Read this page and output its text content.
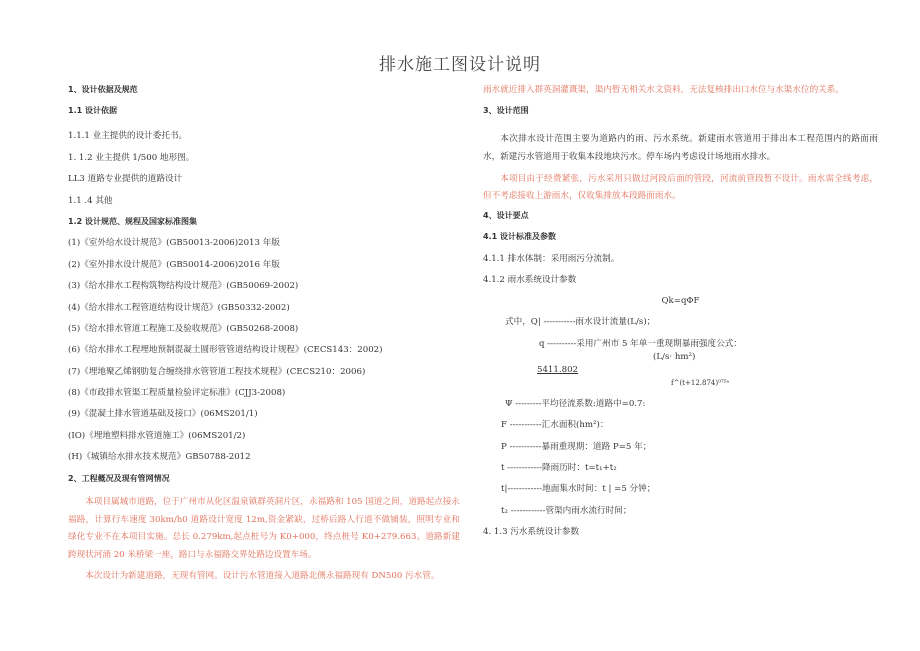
排水施工图设计说明

1、设计依据及规范

1.1 设计依据

1.1.1 业主提供的设计委托书。

1. 1.2 业主提供 1/500 地形图。

LL3 道路专业提供的道路设计

1.1 .4 其他

1.2 设计规范、规程及国家标准图集

(1)《室外给水设计规范》(GB50013-2006)2013 年版

(2)《室外排水设计规范》(GB50014-2006)2016 年版

(3)《给水排水工程构筑物结构设计规范》(GB50069-2002)

(4)《给水排水工程管道结构设计规范》(GB50332-2002)

(5)《给水排水管道工程施工及验收规范》(GB50268-2008)

(6)《给水排水工程埋地预制混凝土圆形管管道结构设计规程》(CECS143：2002)

(7)《埋地聚乙烯钢肋复合缠绕排水管管道工程技术规程》(CECS210：2006)

(8)《市政排水管渠工程质量检验评定标准》(CJJ3-2008)

(9)《混凝土排水管道基础及接口》(06MS201/1)

(IO)《埋地塑料排水管道施工》(06MS201/2)

(H)《城镇给水排水技术规范》GB50788-2012

2、工程概况及现有管网情况

本项目属城市道路，位于广州市从化区温泉镇群英洞片区，永福路和 105 国道之间，道路起点接永福路，计算行车速度 30km/h0 道路设计宽度 12m,资金紧缺，过桥后路人行道不做铺装，照明专业和绿化专业不在本项目实施。总长 0.279km,起点桩号为 K0+000，终点桩号 K0+279.663。道路新建跨现状河涌 20 米桥梁一座，路口与永福路交界处路边设置车场。

本次设计为新建道路，无现有管网。设计污水管道接入道路北侧永福路现有 DN500 污水管。

雨水就近排入群英洞灌溉渠，渠内暂无相关水文资料，无法复核排出口水位与水渠水位的关系。

3、设计范围

本次排水设计范围主要为道路内的雨、污水系统。新建雨水管道用于排出本工程范围内的路面雨水，新建污水管道用于收集本段地块污水。停车场内考虑设计场地雨水排水。

本项目由于经费紧张，污水采用只做过河段后面的管段，河流前管段暂不设计。雨水需全线考虑，但不考虑接收上游雨水，仅收集排放本段路面雨水。

4、设计要点

4.1 设计标准及参数

4.1.1 排水体制：采用雨污分流制。

4.1.2 雨水系统设计参数

Qk=qΦF

式中，Q| -----------雨水设计流量(L/s)；

q ----------采用广州市 5 年单一重现期暴雨强度公式：

(L/s· hm²)

5411.802

f^(t+12.874)⁰⁷⁵ᵃ

Ψ ---------平均径流系数:道路中=0.7:

F -----------汇水面积(hm²)：

P -----------暴雨重现期：道路 P=5 年；

t ------------降雨历时：t=t₁+t₂

t|------------地面集水时间：t | =5 分钟；

t₂ ------------管渠内雨水流行时间；

4. 1.3 污水系统设计参数
